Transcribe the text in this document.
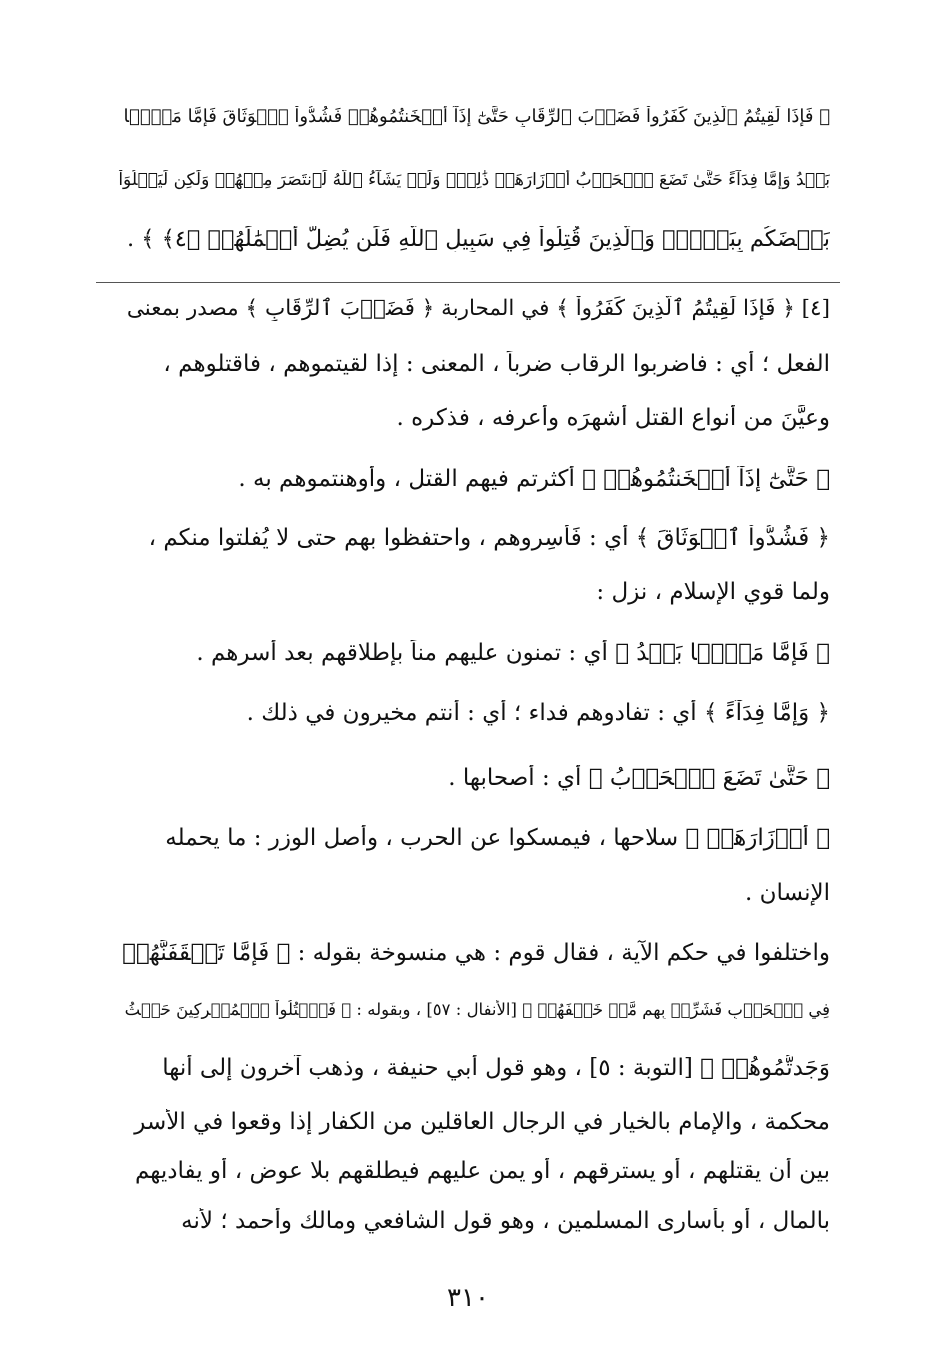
﴿ فَإِذَا لَقِيتُمُ ٱلَّذِينَ كَفَرُواْ فَضَرۡبَ ٱلرِّقَابِ حَتَّىٰٓ إِذَآ أَثۡخَنتُمُوهُمۡ فَشُدُّواْ ٱلۡوَثَاقَ فَإِمَّا مَنَّۢا
بَعۡدُ وَإِمَّا فِدَآءً حَتَّىٰ تَضَعَ ٱلۡحَرۡبُ أَوۡزَارَهَاۚ ذَٰلِكَۖ وَلَوۡ يَشَآءُ ٱللَّهُ لَٱنتَصَرَ مِنۡهُمۡ وَلَٰكِن لِّيَبۡلُوَاْ
بَعۡضَكُم بِبَعۡضٖۗ وَٱلَّذِينَ قُتِلُواْ فِي سَبِيلِ ٱللَّهِ فَلَن يُضِلَّ أَعۡمَٰلَهُمۡ ﴿٤﴾ ﴾ .
[٤] ﴿ فَإِذَا لَقِيتُمُ ٱلَّذِينَ كَفَرُواْ ﴾ في المحاربة ﴿ فَضَرۡبَ ٱلرِّقَابِ ﴾ مصدر بمعنى
الفعل ؛ أي : فاضربوا الرقاب ضرباً ، المعنى : إذا لقيتموهم ، فاقتلوهم ،
وعيَّنَ من أنواع القتل أشهرَه وأعرفه ، فذكره .
﴿ حَتَّىٰٓ إِذَآ أَثۡخَنتُمُوهُمۡ ﴾ أكثرتم فيهم القتل ، وأوهنتموهم به .
﴿ فَشُدُّواْ ٱلۡوَثَاقَ ﴾ أي : فَأْسِروهم ، واحتفظوا بهم حتى لا يُفلتوا منكم ،
ولما قوي الإسلام ، نزل :
﴿ فَإِمَّا مَنَّۢا بَعۡدُ ﴾ أي : تمنون عليهم مناً بإطلاقهم بعد أسرهم .
﴿ وَإِمَّا فِدَآءً ﴾ أي : تفادوهم فداء ؛ أي : أنتم مخيرون في ذلك .
﴿ حَتَّىٰ تَضَعَ ٱلۡحَرۡبُ ﴾ أي : أصحابها .
﴿ أَوۡزَارَهَاۚ ﴾ سلاحها ، فيمسكوا عن الحرب ، وأصل الوزر : ما يحمله
الإنسان .
واختلفوا في حكم الآية ، فقال قوم : هي منسوخة بقوله : ﴿ فَإِمَّا تَثۡقَفَنَّهُمۡ
فِي ٱلۡحَرۡبِ فَشَرِّدۡ بِهِم مَّنۡ خَلۡفَهُمۡ ﴾ [الأنفال : ٥٧] ، وبقوله : ﴿ فَٱقۡتُلُواْ ٱلۡمُشۡرِكِينَ حَيۡثُ
وَجَدتُّمُوهُمۡ ﴾ [التوبة : ٥] ، وهو قول أبي حنيفة ، وذهب آخرون إلى أنها
محكمة ، والإمام بالخيار في الرجال العاقلين من الكفار إذا وقعوا في الأسر
بين أن يقتلهم ، أو يسترقهم ، أو يمن عليهم فيطلقهم بلا عوض ، أو يفاديهم
بالمال ، أو بأسارى المسلمين ، وهو قول الشافعي ومالك وأحمد ؛ لأنه
٣١٠
